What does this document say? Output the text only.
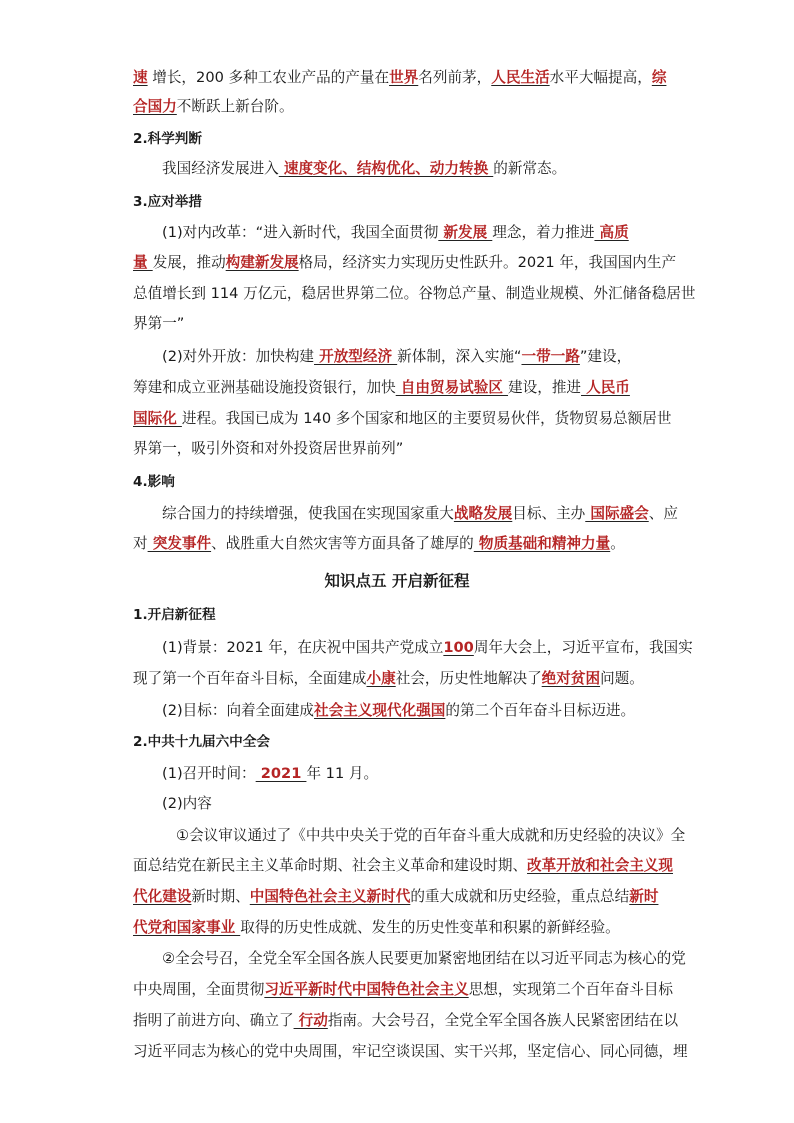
知识点五 开启新征程
速 增长，200 多种工农业产品的产量在世界名列前茅，人民生活水平大幅提高，综
合国力不断跃上新台阶。
2.科学判断
我国经济发展进入 速度变化、结构优化、动力转换 的新常态。
3.应对举措
(1)对内改革：“进入新时代，我国全面贯彻 新发展 理念，着力推进 高质
量 发展，推动构建新发展格局，经济实力实现历史性跃升。2021 年，我国国内生产
总值增长到 114 万亿元，稳居世界第二位。谷物总产量、制造业规模、外汇储备稳居世
界第一”
(2)对外开放：加快构建 开放型经济 新体制，深入实施“一带一路”建设，
筹建和成立亚洲基础设施投资银行，加快 自由贸易试验区 建设，推进 人民币
国际化 进程。我国已成为 140 多个国家和地区的主要贸易伙伴，货物贸易总额居世
界第一，吸引外资和对外投资居世界前列”
4.影响
综合国力的持续增强，使我国在实现国家重大战略发展目标、主办 国际盛会、应
对 突发事件、战胜重大自然灾害等方面具备了雄厚的 物质基础和精神力量。
1.开启新征程
(1)背景：2021 年，在庆祝中国共产党成立100周年大会上，习近平宣布，我国实
现了第一个百年奋斗目标，全面建成小康社会，历史性地解决了绝对贫困问题。
(2)目标：向着全面建成社会主义现代化强国的第二个百年奋斗目标迈进。
2.中共十九届六中全会
(1)召开时间： 2021 年 11 月。
(2)内容
①会议审议通过了《中共中央关于党的百年奋斗重大成就和历史经验的决议》全
面总结党在新民主主义革命时期、社会主义革命和建设时期、改革开放和社会主义现
代化建设新时期、中国特色社会主义新时代的重大成就和历史经验，重点总结新时
代党和国家事业 取得的历史性成就、发生的历史性变革和积累的新鲜经验。
②全会号召，全党全军全国各族人民要更加紧密地团结在以习近平同志为核心的党
中央周围，全面贯彻习近平新时代中国特色社会主义思想，实现第二个百年奋斗目标
指明了前进方向、确立了 行动指南。大会号召，全党全军全国各族人民紧密团结在以
习近平同志为核心的党中央周围，牢记空谈误国、实干兴邦，坚定信心、同心同德，埋
